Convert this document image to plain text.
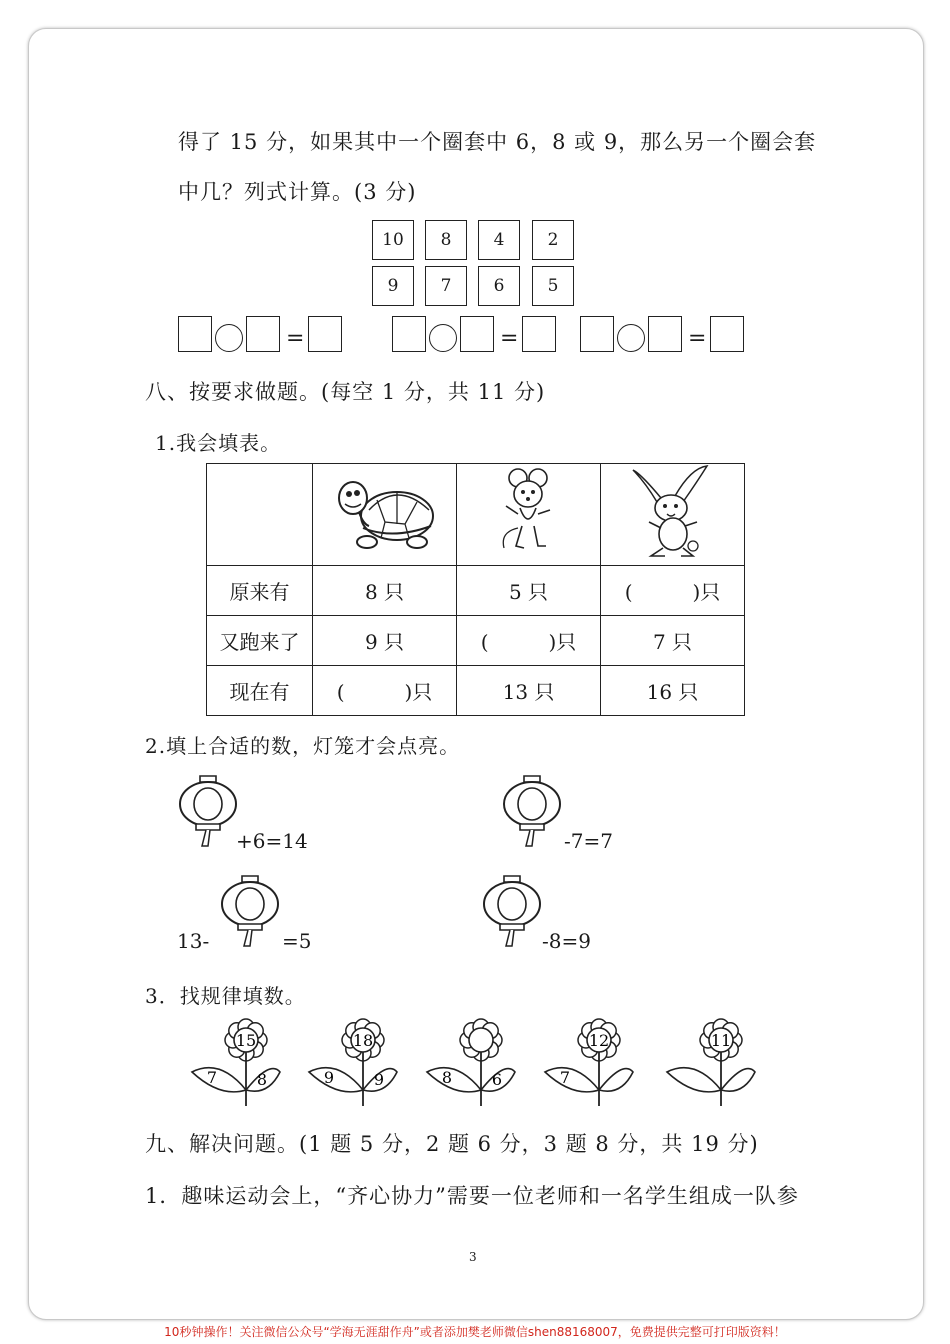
得了 15 分，如果其中一个圈套中 6，8 或 9，那么另一个圈会套
中几？列式计算。(3 分)
10	8	4	2
9	7	6	5
=	=	=
八、按要求做题。(每空 1 分，共 11 分)
1.我会填表。

原来有	8 只	5 只	(　　　)只
又跑来了	9 只	(　　　)只	7 只
现在有	(　　　)只	13 只	16 只
2.填上合适的数，灯笼才会点亮。
+6=14	-7=7
13-	=5	-8=9
3．找规律填数。
15
7 8
18
9 9	8 6
12
7
11
九、解决问题。(1 题 5 分，2 题 6 分，3 题 8 分，共 19 分)
1．趣味运动会上，“齐心协力”需要一位老师和一名学生组成一队参
3
10秒钟操作！关注微信公众号“学海无涯甜作舟”或者添加樊老师微信shen88168007，免费提供完整可打印版资料！
